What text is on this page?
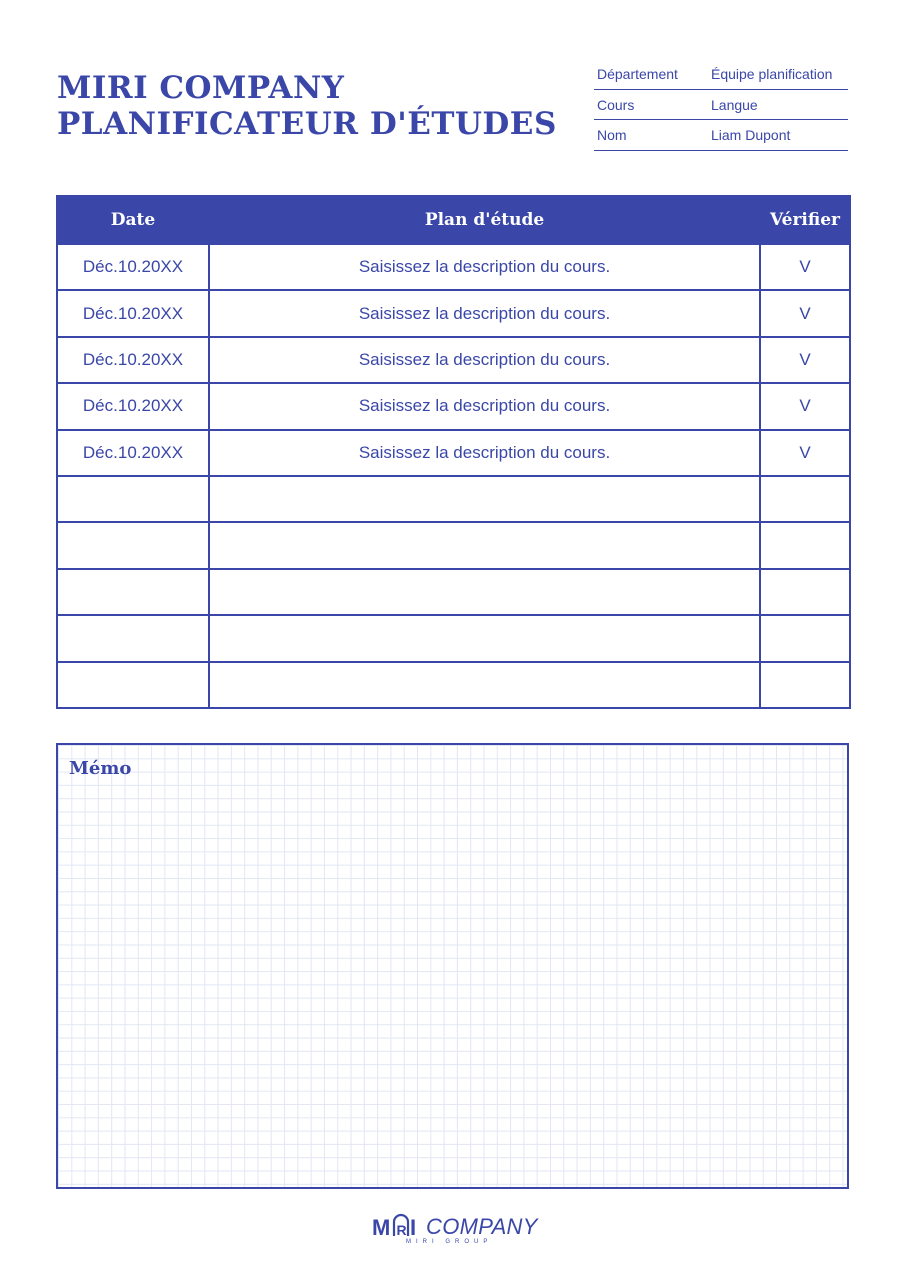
MIRI COMPANY
PLANIFICATEUR D'ÉTUDES
Département	Équipe planification
Cours	Langue
Nom	Liam Dupont
Date	Plan d'étude	Vérifier
Déc.10.20XX	Saisissez la description du cours.	V
Déc.10.20XX	Saisissez la description du cours.	V
Déc.10.20XX	Saisissez la description du cours.	V
Déc.10.20XX	Saisissez la description du cours.	V
Déc.10.20XX	Saisissez la description du cours.	V

Mémo
M R I COMPANY
MIRI GROUP
